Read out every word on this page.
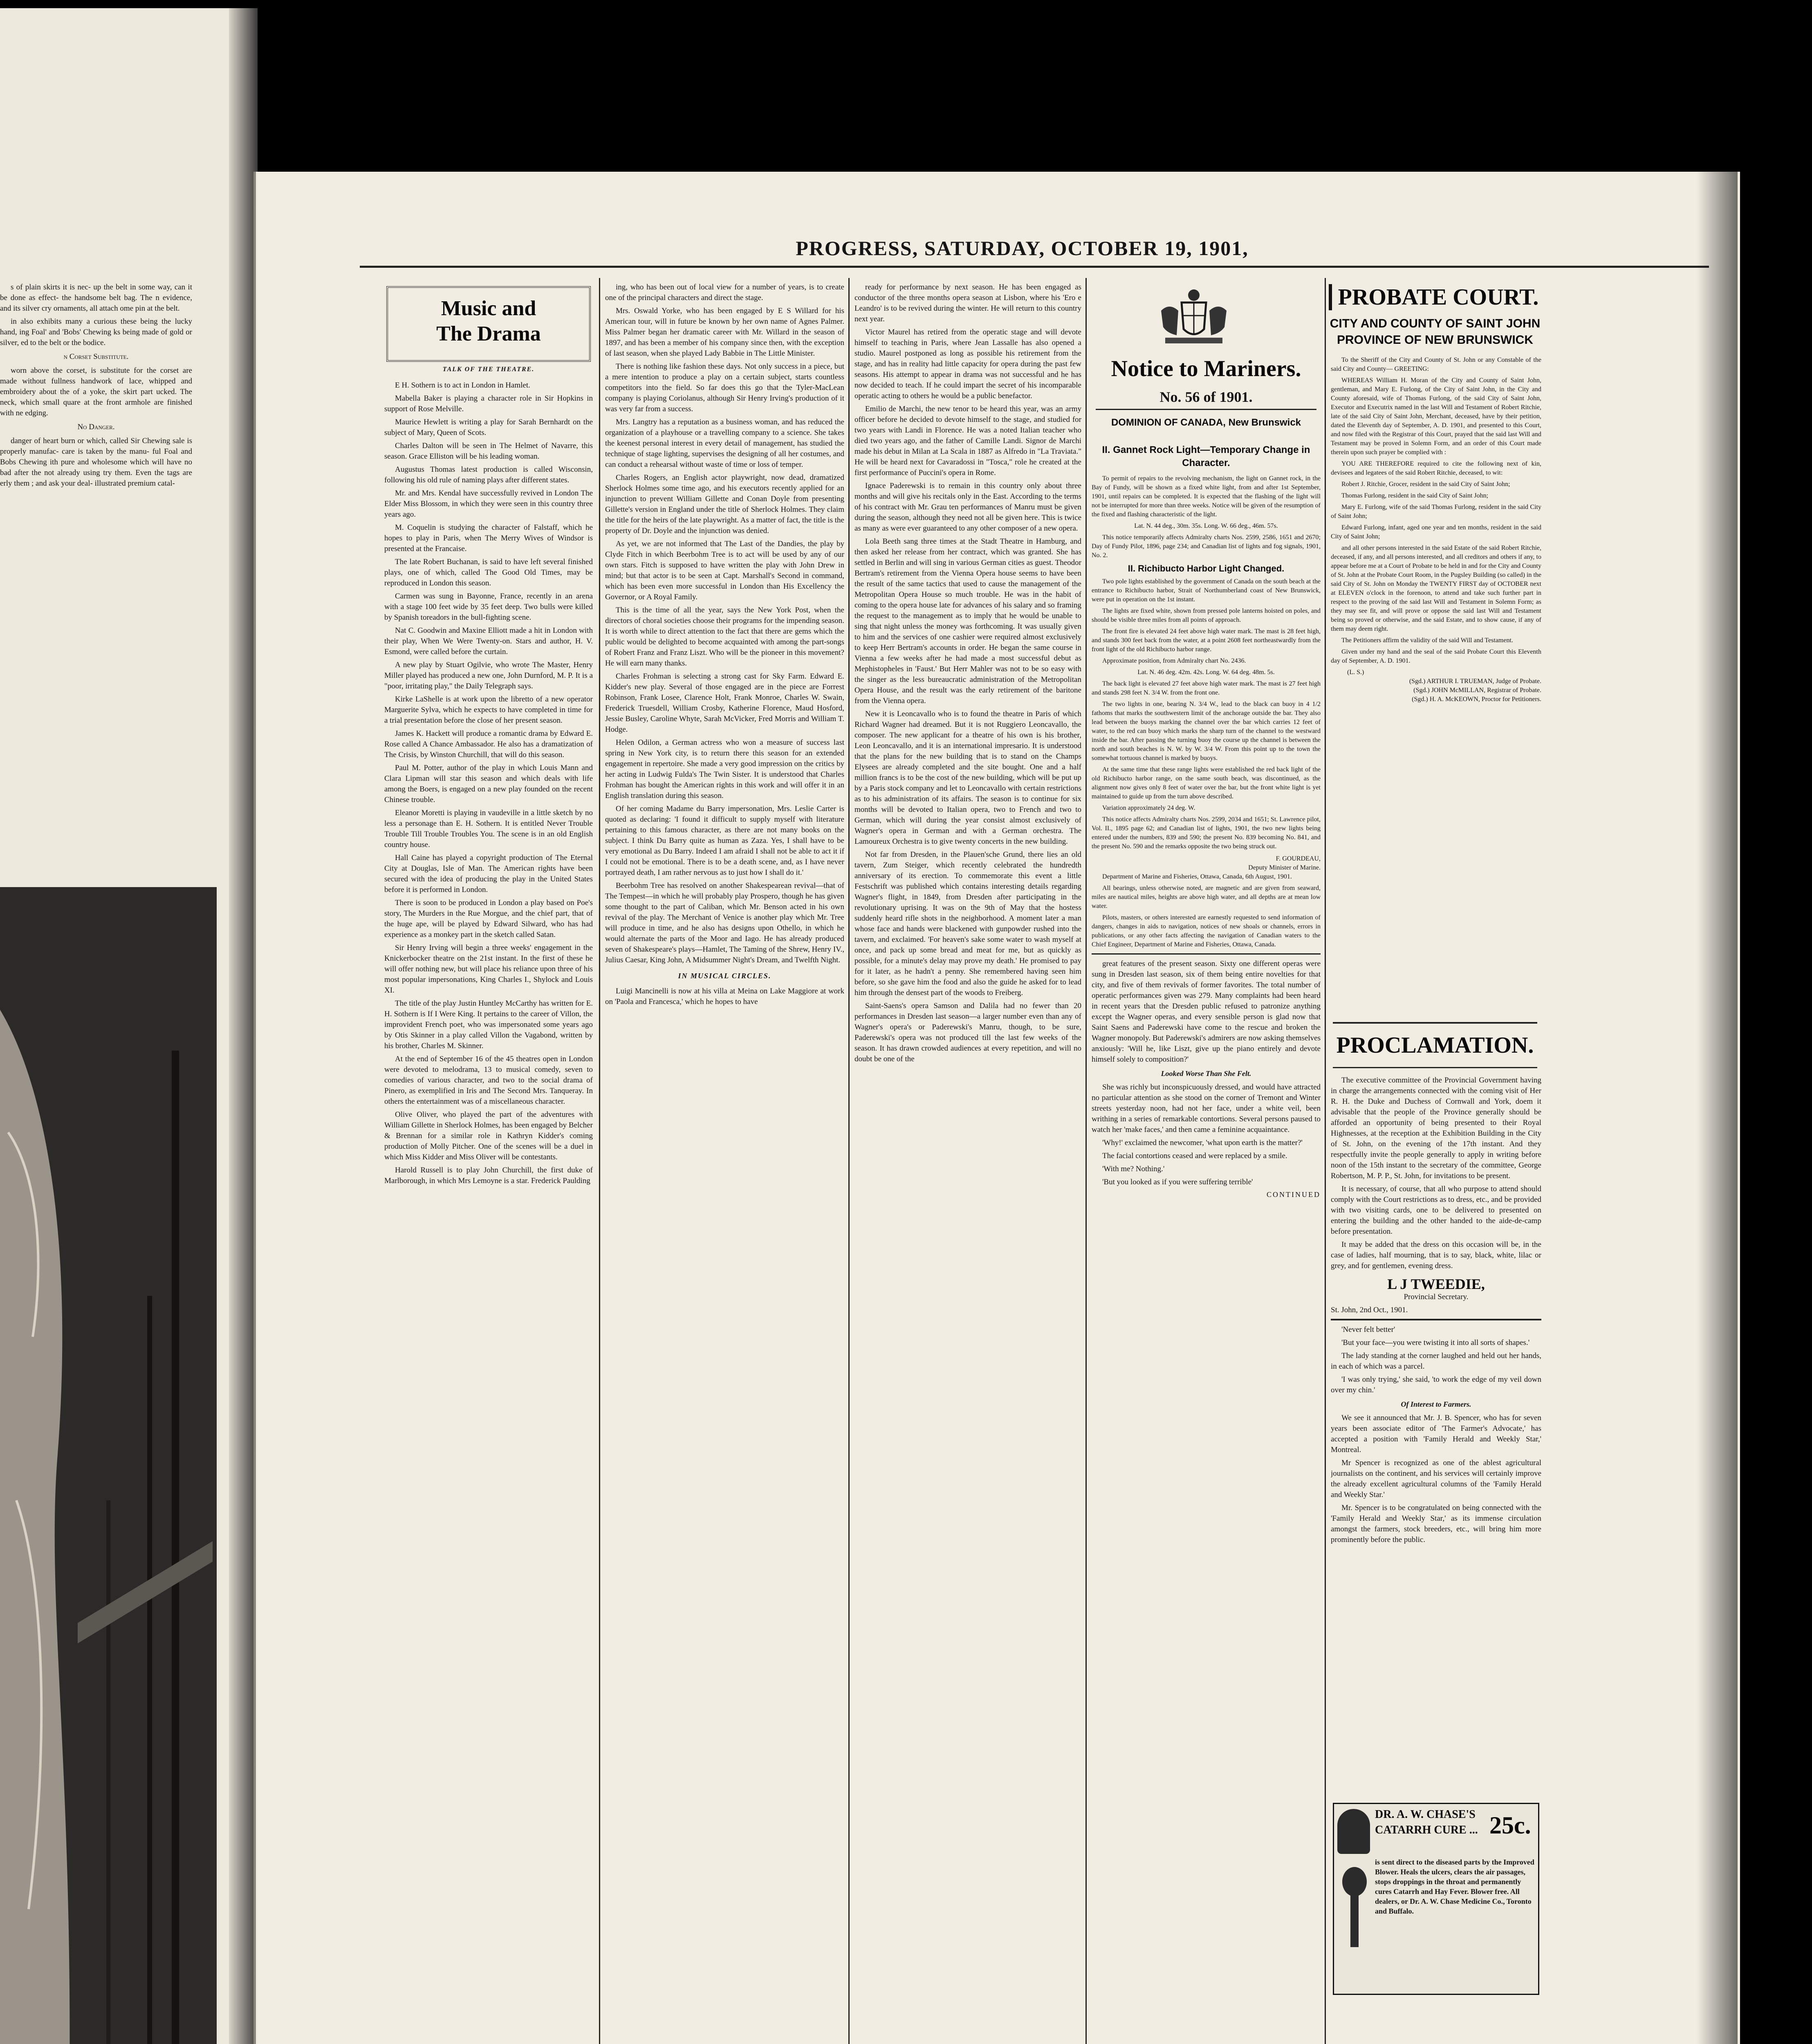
s of plain skirts it is nec- up the belt in some way, can it be done as effect- the handsome belt bag. The n evidence, and its silver cry ornaments, all attach ome pin at the belt.

in also exhibits many a curious these being the lucky hand, ing Foal' and 'Bobs' Chewing ks being made of gold or silver, ed to the belt or the bodice.

n Corset Substitute.

worn above the corset, is substitute for the corset are made without fullness handwork of lace, whipped and embroidery about the of a yoke, the skirt part ucked. The neck, which small quare at the front armhole are finished with ne edging.

No Danger.

danger of heart burn or which, called Sir Chewing sale is properly manufac- care is taken by the manu- ful Foal and Bobs Chewing ith pure and wholesome which will have no bad after the not already using try them. Even the tags are erly them ; and ask your deal- illustrated premium catal-

PROGRESS, SATURDAY, OCTOBER 19, 1901,
Music and
The Drama
TALK OF THE THEATRE.

E H. Sothern is to act in London in Hamlet.

Mabella Baker is playing a character role in Sir Hopkins in support of Rose Melville.

Maurice Hewlett is writing a play for Sarah Bernhardt on the subject of Mary, Queen of Scots.

Charles Dalton will be seen in The Helmet of Navarre, this season. Grace Elliston will be his leading woman.

Augustus Thomas latest production is called Wisconsin, following his old rule of naming plays after different states.

Mr. and Mrs. Kendal have successfully revived in London The Elder Miss Blossom, in which they were seen in this country three years ago.

M. Coquelin is studying the character of Falstaff, which he hopes to play in Paris, when The Merry Wives of Windsor is presented at the Francaise.

The late Robert Buchanan, is said to have left several finished plays, one of which, called The Good Old Times, may be reproduced in London this season.

Carmen was sung in Bayonne, France, recently in an arena with a stage 100 feet wide by 35 feet deep. Two bulls were killed by Spanish toreadors in the bull-fighting scene.

Nat C. Goodwin and Maxine Elliott made a hit in London with their play, When We Were Twenty-on. Stars and author, H. V. Esmond, were called before the curtain.

A new play by Stuart Ogilvie, who wrote The Master, Henry Miller played has produced a new one, John Durnford, M. P. It is a "poor, irritating play," the Daily Telegraph says.

Kirke LaShelle is at work upon the libretto of a new operator Marguerite Sylva, which he expects to have completed in time for a trial presentation before the close of her present season.

James K. Hackett will produce a romantic drama by Edward E. Rose called A Chance Ambassador. He also has a dramatization of The Crisis, by Winston Churchill, that will do this season.

Paul M. Potter, author of the play in which Louis Mann and Clara Lipman will star this season and which deals with life among the Boers, is engaged on a new play founded on the recent Chinese trouble.

Eleanor Moretti is playing in vaudeville in a little sketch by no less a personage than E. H. Sothern. It is entitled Never Trouble Trouble Till Trouble Troubles You. The scene is in an old English country house.

Hall Caine has played a copyright production of The Eternal City at Douglas, Isle of Man. The American rights have been secured with the idea of producing the play in the United States before it is performed in London.

There is soon to be produced in London a play based on Poe's story, The Murders in the Rue Morgue, and the chief part, that of the huge ape, will be played by Edward Silward, who has had experience as a monkey part in the sketch called Satan.

Sir Henry Irving will begin a three weeks' engagement in the Knickerbocker theatre on the 21st instant. In the first of these he will offer nothing new, but will place his reliance upon three of his most popular impersonations, King Charles I., Shylock and Louis XI.

The title of the play Justin Huntley McCarthy has written for E. H. Sothern is If I Were King. It pertains to the career of Villon, the improvident French poet, who was impersonated some years ago by Otis Skinner in a play called Villon the Vagabond, written by his brother, Charles M. Skinner.

At the end of September 16 of the 45 theatres open in London were devoted to melodrama, 13 to musical comedy, seven to comedies of various character, and two to the social drama of Pinero, as exemplified in Iris and The Second Mrs. Tanqueray. In others the entertainment was of a miscellaneous character.

Olive Oliver, who played the part of the adventures with William Gillette in Sherlock Holmes, has been engaged by Belcher & Brennan for a similar role in Kathryn Kidder's coming production of Molly Pitcher. One of the scenes will be a duel in which Miss Kidder and Miss Oliver will be contestants.

Harold Russell is to play John Churchill, the first duke of Marlborough, in which Mrs Lemoyne is a star. Frederick Paulding

ing, who has been out of local view for a number of years, is to create one of the principal characters and direct the stage.

Mrs. Oswald Yorke, who has been engaged by E S Willard for his American tour, will in future be known by her own name of Agnes Palmer. Miss Palmer began her dramatic career with Mr. Willard in the season of 1897, and has been a member of his company since then, with the exception of last season, when she played Lady Babbie in The Little Minister.

There is nothing like fashion these days. Not only success in a piece, but a mere intention to produce a play on a certain subject, starts countless competitors into the field. So far does this go that the Tyler-MacLean company is playing Coriolanus, although Sir Henry Irving's production of it was very far from a success.

Mrs. Langtry has a reputation as a business woman, and has reduced the organization of a playhouse or a travelling company to a science. She takes the keenest personal interest in every detail of management, has studied the technique of stage lighting, supervises the designing of all her costumes, and can conduct a rehearsal without waste of time or loss of temper.

Charles Rogers, an English actor playwright, now dead, dramatized Sherlock Holmes some time ago, and his executors recently applied for an injunction to prevent William Gillette and Conan Doyle from presenting Gillette's version in England under the title of Sherlock Holmes. They claim the title for the heirs of the late playwright. As a matter of fact, the title is the property of Dr. Doyle and the injunction was denied.

As yet, we are not informed that The Last of the Dandies, the play by Clyde Fitch in which Beerbohm Tree is to act will be used by any of our own stars. Fitch is supposed to have written the play with John Drew in mind; but that actor is to be seen at Capt. Marshall's Second in command, which has been even more successful in London than His Excellency the Governor, or A Royal Family.

This is the time of all the year, says the New York Post, when the directors of choral societies choose their programs for the impending season. It is worth while to direct attention to the fact that there are gems which the public would be delighted to become acquainted with among the part-songs of Robert Franz and Franz Liszt. Who will be the pioneer in this movement? He will earn many thanks.

Charles Frohman is selecting a strong cast for Sky Farm. Edward E. Kidder's new play. Several of those engaged are in the piece are Forrest Robinson, Frank Losee, Clarence Holt, Frank Monroe, Charles W. Swain, Frederick Truesdell, William Crosby, Katherine Florence, Maud Hosford, Jessie Busley, Caroline Whyte, Sarah McVicker, Fred Morris and William T. Hodge.

Helen Odilon, a German actress who won a measure of success last spring in New York city, is to return there this season for an extended engagement in repertoire. She made a very good impression on the critics by her acting in Ludwig Fulda's The Twin Sister. It is understood that Charles Frohman has bought the American rights in this work and will offer it in an English translation during this season.

Of her coming Madame du Barry impersonation, Mrs. Leslie Carter is quoted as declaring: 'I found it difficult to supply myself with literature pertaining to this famous character, as there are not many books on the subject. I think Du Barry quite as human as Zaza. Yes, I shall have to be very emotional as Du Barry. Indeed I am afraid I shall not be able to act it if I could not be emotional. There is to be a death scene, and, as I have never portrayed death, I am rather nervous as to just how I shall do it.'

Beerbohm Tree has resolved on another Shakespearean revival—that of The Tempest—in which he will probably play Prospero, though he has given some thought to the part of Caliban, which Mr. Benson acted in his own revival of the play. The Merchant of Venice is another play which Mr. Tree will produce in time, and he also has designs upon Othello, in which he would alternate the parts of the Moor and Iago. He has already produced seven of Shakespeare's plays—Hamlet, The Taming of the Shrew, Henry IV., Julius Caesar, King John, A Midsummer Night's Dream, and Twelfth Night.

IN MUSICAL CIRCLES.

Luigi Mancinelli is now at his villa at Meina on Lake Maggiore at work on 'Paola and Francesca,' which he hopes to have

ready for performance by next season. He has been engaged as conductor of the three months opera season at Lisbon, where his 'Ero e Leandro' is to be revived during the winter. He will return to this country next year.

Victor Maurel has retired from the operatic stage and will devote himself to teaching in Paris, where Jean Lassalle has also opened a studio. Maurel postponed as long as possible his retirement from the stage, and has in reality had little capacity for opera during the past few seasons. His attempt to appear in drama was not successful and he has now decided to teach. If he could impart the secret of his incomparable operatic acting to others he would be a public benefactor.

Emilio de Marchi, the new tenor to be heard this year, was an army officer before he decided to devote himself to the stage, and studied for two years with Landi in Florence. He was a noted Italian teacher who died two years ago, and the father of Camille Landi. Signor de Marchi made his debut in Milan at La Scala in 1887 as Alfredo in "La Traviata." He will be heard next for Cavaradossi in "Tosca," role he created at the first performance of Puccini's opera in Rome.

Ignace Paderewski is to remain in this country only about three months and will give his recitals only in the East. According to the terms of his contract with Mr. Grau ten performances of Manru must be given during the season, although they need not all be given here. This is twice as many as were ever guaranteed to any other composer of a new opera.

Lola Beeth sang three times at the Stadt Theatre in Hamburg, and then asked her release from her contract, which was granted. She has settled in Berlin and will sing in various German cities as guest. Theodor Bertram's retirement from the Vienna Opera house seems to have been the result of the same tactics that used to cause the management of the Metropolitan Opera House so much trouble. He was in the habit of coming to the opera house late for advances of his salary and so framing the request to the management as to imply that he would be unable to sing that night unless the money was forthcoming. It was usually given to him and the services of one cashier were required almost exclusively to keep Herr Bertram's accounts in order. He began the same course in Vienna a few weeks after he had made a most successful debut as Mephistopheles in 'Faust.' But Herr Mahler was not to be so easy with the singer as the less bureaucratic administration of the Metropolitan Opera House, and the result was the early retirement of the baritone from the Vienna opera.

New it is Leoncavallo who is to found the theatre in Paris of which Richard Wagner had dreamed. But it is not Ruggiero Leoncavallo, the composer. The new applicant for a theatre of his own is his brother, Leon Leoncavallo, and it is an international impresario. It is understood that the plans for the new building that is to stand on the Champs Elysees are already completed and the site bought. One and a half million francs is to be the cost of the new building, which will be put up by a Paris stock company and let to Leoncavallo with certain restrictions as to his administration of its affairs. The season is to continue for six months will be devoted to Italian opera, two to French and two to German, which will during the year consist almost exclusively of Wagner's opera in German and with a German orchestra. The Lamoureux Orchestra is to give twenty concerts in the new building.

Not far from Dresden, in the Plauen'sche Grund, there lies an old tavern, Zum Steiger, which recently celebrated the hundredth anniversary of its erection. To commemorate this event a little Festschrift was published which contains interesting details regarding Wagner's flight, in 1849, from Dresden after participating in the revolutionary uprising. It was on the 9th of May that the hostess suddenly heard rifle shots in the neighborhood. A moment later a man whose face and hands were blackened with gunpowder rushed into the tavern, and exclaimed. 'For heaven's sake some water to wash myself at once, and pack up some bread and meat for me, but as quickly as possible, for a minute's delay may prove my death.' He promised to pay for it later, as he hadn't a penny. She remembered having seen him before, so she gave him the food and also the guide he asked for to lead him through the densest part of the woods to Freiberg.

Saint-Saens's opera Samson and Dalila had no fewer than 20 performances in Dresden last season—a larger number even than any of Wagner's opera's or Paderewski's Manru, though, to be sure, Paderewski's opera was not produced till the last few weeks of the season. It has drawn crowded audiences at every repetition, and will no doubt be one of the

Notice to Mariners.
No. 56 of 1901.
DOMINION OF CANADA, New Brunswick
II. Gannet Rock Light—Temporary Change in Character.

To permit of repairs to the revolving mechanism, the light on Gannet rock, in the Bay of Fundy, will be shown as a fixed white light, from and after 1st September, 1901, until repairs can be completed. It is expected that the flashing of the light will not be interrupted for more than three weeks. Notice will be given of the resumption of the fixed and flashing characteristic of the light.

Lat. N. 44 deg., 30m. 35s. Long. W. 66 deg., 46m. 57s.

This notice temporarily affects Admiralty charts Nos. 2599, 2586, 1651 and 2670; Day of Fundy Pilot, 1896, page 234; and Canadian list of lights and fog signals, 1901, No. 2.

II. Richibucto Harbor Light Changed.

Two pole lights established by the government of Canada on the south beach at the entrance to Richibucto harbor, Strait of Northumberland coast of New Brunswick, were put in operation on the 1st instant.

The lights are fixed white, shown from pressed pole lanterns hoisted on poles, and should be visible three miles from all points of approach.

The front fire is elevated 24 feet above high water mark. The mast is 28 feet high, and stands 300 feet back from the water, at a point 2608 feet northeastwardly from the front light of the old Richibucto harbor range.

Approximate position, from Admiralty chart No. 2436.

Lat. N. 46 deg. 42m. 42s. Long. W. 64 deg. 48m. 5s.

The back light is elevated 27 feet above high water mark. The mast is 27 feet high and stands 298 feet N. 3/4 W. from the front one.

The two lights in one, bearing N. 3/4 W., lead to the black can buoy in 4 1/2 fathoms that marks the southwestern limit of the anchorage outside the bar. They also lead between the buoys marking the channel over the bar which carries 12 feet of water, to the red can buoy which marks the sharp turn of the channel to the westward inside the bar. After passing the turning buoy the course up the channel is between the north and south beaches is N. W. by W. 3/4 W. From this point up to the town the somewhat tortuous channel is marked by buoys.

At the same time that these range lights were established the red back light of the old Richibucto harbor range, on the same south beach, was discontinued, as the alignment now gives only 8 feet of water over the bar, but the front white light is yet maintained to guide up from the turn above described.

Variation approximately 24 deg. W.

This notice affects Admiralty charts Nos. 2599, 2034 and 1651; St. Lawrence pilot, Vol. II., 1895 page 62; and Canadian list of lights, 1901, the two new lights being entered under the numbers, 839 and 590; the present No. 839 becoming No. 841, and the present No. 590 and the remarks opposite the two being struck out.

F. GOURDEAU,
Deputy Minister of Marine.

Department of Marine and Fisheries, Ottawa, Canada, 6th August, 1901.

All bearings, unless otherwise noted, are magnetic and are given from seaward, miles are nautical miles, heights are above high water, and all depths are at mean low water.

Pilots, masters, or others interested are earnestly requested to send information of dangers, changes in aids to navigation, notices of new shoals or channels, errors in publications, or any other facts affecting the navigation of Canadian waters to the Chief Engineer, Department of Marine and Fisheries, Ottawa, Canada.

great features of the present season. Sixty one different operas were sung in Dresden last season, six of them being entire novelties for that city, and five of them revivals of former favorites. The total number of operatic performances given was 279. Many complaints had been heard in recent years that the Dresden public refused to patronize anything except the Wagner operas, and every sensible person is glad now that Saint Saens and Paderewski have come to the rescue and broken the Wagner monopoly. But Paderewski's admirers are now asking themselves anxiously: 'Will he, like Liszt, give up the piano entirely and devote himself solely to composition?'

Looked Worse Than She Felt.

She was richly but inconspicuously dressed, and would have attracted no particular attention as she stood on the corner of Tremont and Winter streets yesterday noon, had not her face, under a white veil, been writhing in a series of remarkable contortions. Several persons paused to watch her 'make faces,' and then came a feminine acquaintance.

'Why!' exclaimed the newcomer, 'what upon earth is the matter?'

The facial contortions ceased and were replaced by a smile.

'With me? Nothing.'

'But you looked as if you were suffering terrible'

CONTINUED
PROBATE COURT.
CITY AND COUNTY OF SAINT JOHN
PROVINCE OF NEW BRUNSWICK

To the Sheriff of the City and County of St. John or any Constable of the said City and County— GREETING:

WHEREAS William H. Moran of the City and County of Saint John, gentleman, and Mary E. Furlong, of the City of Saint John, in the City and County aforesaid, wife of Thomas Furlong, of the said City of Saint John, Executor and Executrix named in the last Will and Testament of Robert Ritchie, late of the said City of Saint John, Merchant, deceased, have by their petition, dated the Eleventh day of September, A. D. 1901, and presented to this Court, and now filed with the Registrar of this Court, prayed that the said last Will and Testament may be proved in Solemn Form, and an order of this Court made therein upon such prayer be complied with :

YOU ARE THEREFORE required to cite the following next of kin, devisees and legatees of the said Robert Ritchie, deceased, to wit:

Robert J. Ritchie, Grocer, resident in the said City of Saint John;

Thomas Furlong, resident in the said City of Saint John;

Mary E. Furlong, wife of the said Thomas Furlong, resident in the said City of Saint John;

Edward Furlong, infant, aged one year and ten months, resident in the said City of Saint John;

and all other persons interested in the said Estate of the said Robert Ritchie, deceased, if any, and all persons interested, and all creditors and others if any, to appear before me at a Court of Probate to be held in and for the City and County of St. John at the Probate Court Room, in the Pugsley Building (so called) in the said City of St. John on Monday the TWENTY FIRST day of OCTOBER next at ELEVEN o'clock in the forenoon, to attend and take such further part in respect to the proving of the said last Will and Testament in Solemn Form; as they may see fit, and will prove or oppose the said last Will and Testament being so proved or otherwise, and the said Estate, and to show cause, if any of them may deem right.

The Petitioners affirm the validity of the said Will and Testament.

Given under my hand and the seal of the said Probate Court this Eleventh day of September, A. D. 1901.

(L. S.)
(Sgd.) ARTHUR I. TRUEMAN, Judge of Probate.
(Sgd.) JOHN McMILLAN, Registrar of Probate.
(Sgd.) H. A. McKEOWN, Proctor for Petitioners.
PROCLAMATION.

The executive committee of the Provincial Government having in charge the arrangements connected with the coming visit of Her R. H. the Duke and Duchess of Cornwall and York, doem it advisable that the people of the Province generally should be afforded an opportunity of being presented to their Royal Highnesses, at the reception at the Exhibition Building in the City of St. John, on the evening of the 17th instant. And they respectfully invite the people generally to apply in writing before noon of the 15th instant to the secretary of the committee, George Robertson, M. P. P., St. John, for invitations to be present.

It is necessary, of course, that all who purpose to attend should comply with the Court restrictions as to dress, etc., and be provided with two visiting cards, one to be delivered to presented on entering the building and the other handed to the aide-de-camp before presentation.

It may be added that the dress on this occasion will be, in the case of ladies, half mourning, that is to say, black, white, lilac or grey, and for gentlemen, evening dress.

L J TWEEDIE,
Provincial Secretary.
St. John, 2nd Oct., 1901.

'Never felt better'

'But your face—you were twisting it into all sorts of shapes.'

The lady standing at the corner laughed and held out her hands, in each of which was a parcel.

'I was only trying,' she said, 'to work the edge of my veil down over my chin.'

Of Interest to Farmers.

We see it announced that Mr. J. B. Spencer, who has for seven years been associate editor of 'The Farmer's Advocate,' has accepted a position with 'Family Herald and Weekly Star,' Montreal.

Mr Spencer is recognized as one of the ablest agricultural journalists on the continent, and his services will certainly improve the already excellent agricultural columns of the 'Family Herald and Weekly Star.'

Mr. Spencer is to be congratulated on being connected with the 'Family Herald and Weekly Star,' as its immense circulation amongst the farmers, stock breeders, etc., will bring him more prominently before the public.

DR. A. W. CHASE'S
CATARRH CURE ... 25c.
is sent direct to the diseased parts by the Improved Blower. Heals the ulcers, clears the air passages, stops droppings in the throat and permanently cures Catarrh and Hay Fever. Blower free. All dealers, or Dr. A. W. Chase Medicine Co., Toronto and Buffalo.
